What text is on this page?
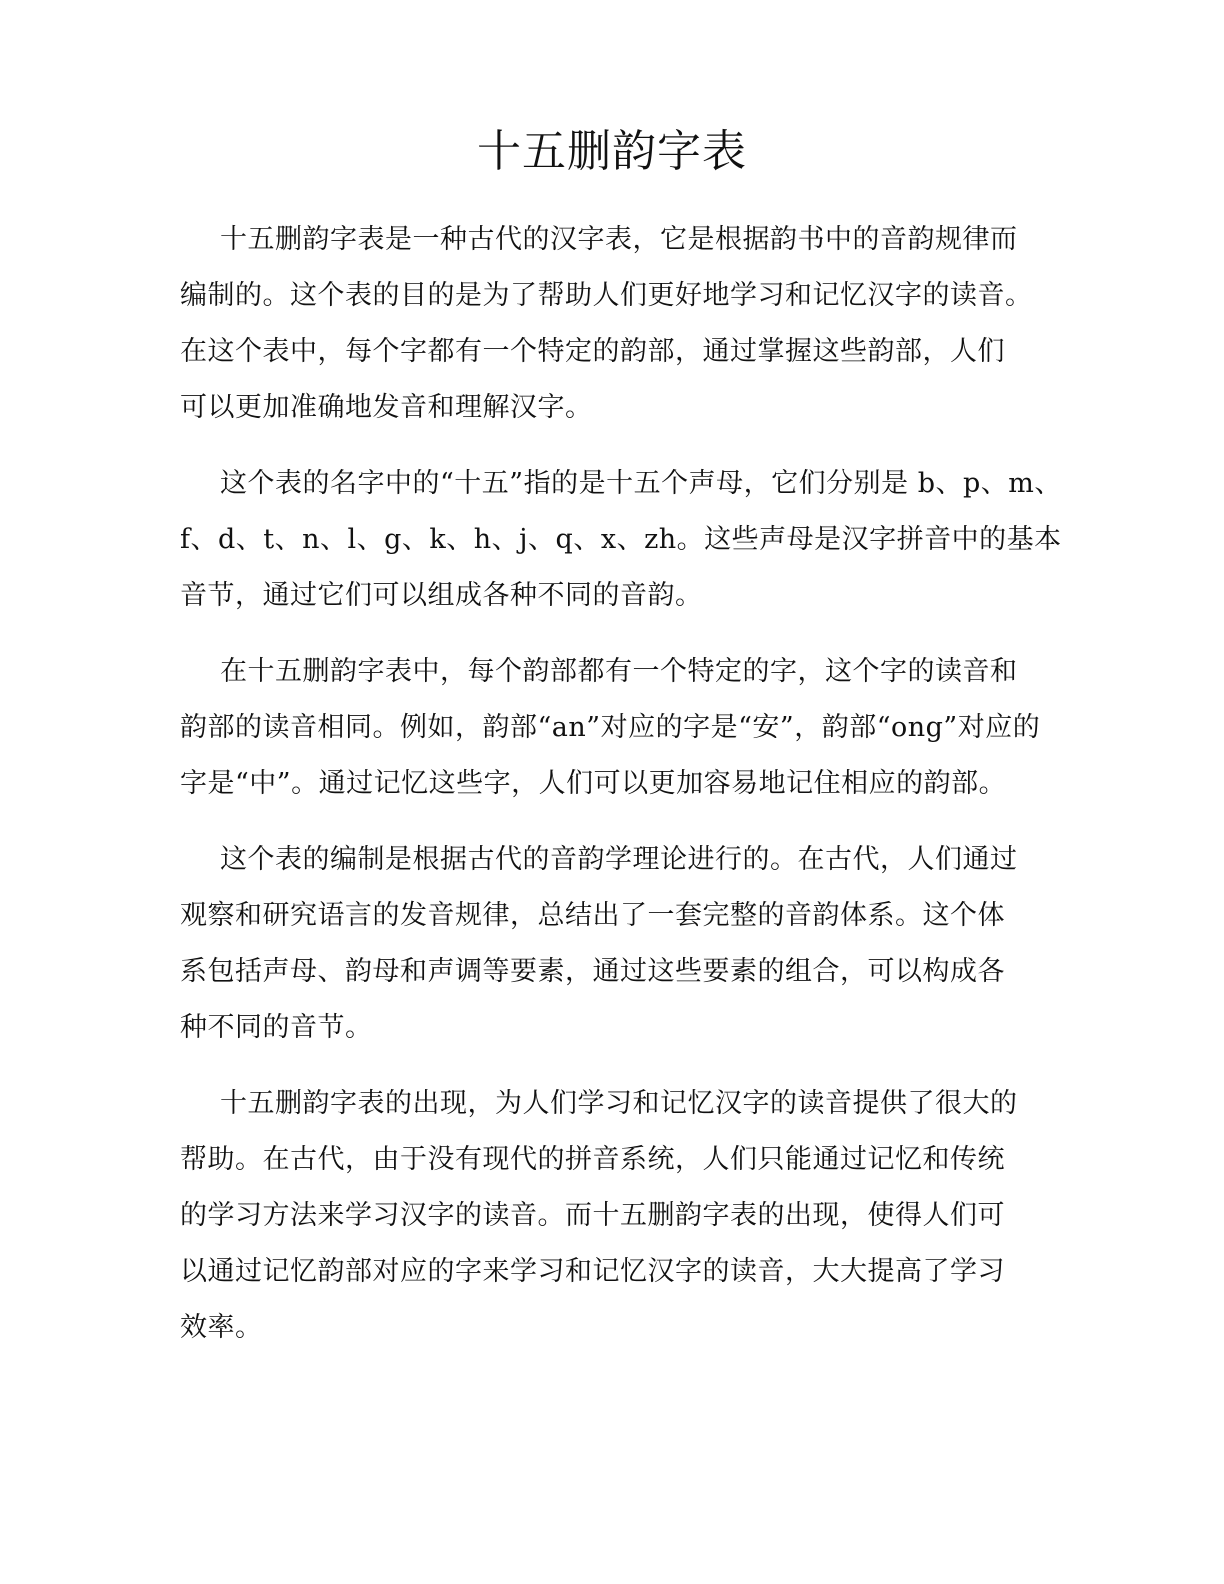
十五删韵字表
十五删韵字表是一种古代的汉字表，它是根据韵书中的音韵规律而
编制的。这个表的目的是为了帮助人们更好地学习和记忆汉字的读音。
在这个表中，每个字都有一个特定的韵部，通过掌握这些韵部，人们
可以更加准确地发音和理解汉字。
这个表的名字中的“十五”指的是十五个声母，它们分别是 b、p、m、
f、d、t、n、l、g、k、h、j、q、x、zh。这些声母是汉字拼音中的基本
音节，通过它们可以组成各种不同的音韵。
在十五删韵字表中，每个韵部都有一个特定的字，这个字的读音和
韵部的读音相同。例如，韵部“an”对应的字是“安”，韵部“ong”对应的
字是“中”。通过记忆这些字，人们可以更加容易地记住相应的韵部。
这个表的编制是根据古代的音韵学理论进行的。在古代，人们通过
观察和研究语言的发音规律，总结出了一套完整的音韵体系。这个体
系包括声母、韵母和声调等要素，通过这些要素的组合，可以构成各
种不同的音节。
十五删韵字表的出现，为人们学习和记忆汉字的读音提供了很大的
帮助。在古代，由于没有现代的拼音系统，人们只能通过记忆和传统
的学习方法来学习汉字的读音。而十五删韵字表的出现，使得人们可
以通过记忆韵部对应的字来学习和记忆汉字的读音，大大提高了学习
效率。
